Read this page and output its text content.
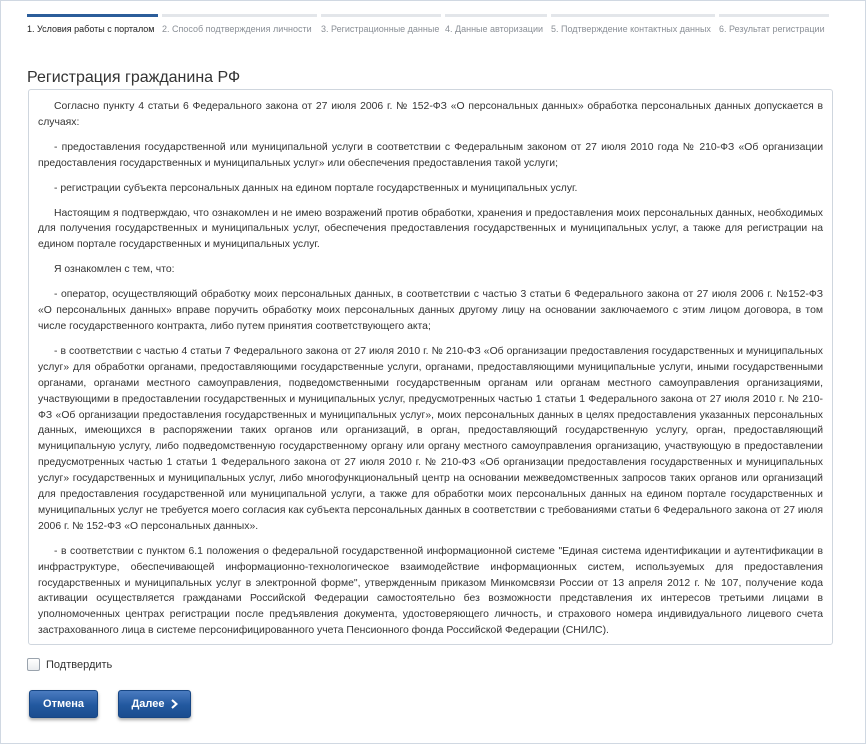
1. Условия работы с порталом 2. Способ подтверждения личности	3. Регистрационные данные 4. Данные авторизации 5. Подтверждение контактных данных 6. Результат регистрации
Регистрация гражданина РФ

Согласно пункту 4 статьи 6 Федерального закона от 27 июля 2006 г. № 152-ФЗ «О персональных данных» обработка персональных данных допускается в случаях:

- предоставления государственной или муниципальной услуги в соответствии с Федеральным законом от 27 июля 2010 года № 210-ФЗ «Об организации предоставления государственных и муниципальных услуг» или обеспечения предоставления такой услуги;

- регистрации субъекта персональных данных на едином портале государственных и муниципальных услуг.

Настоящим я подтверждаю, что ознакомлен и не имею возражений против обработки, хранения и предоставления моих персональных данных, необходимых для получения государственных и муниципальных услуг, обеспечения предоставления государственных и муниципальных услуг, а также для регистрации на едином портале государственных и муниципальных услуг.

Я ознакомлен с тем, что:

- оператор, осуществляющий обработку моих персональных данных, в соответствии с частью 3 статьи 6 Федерального закона от 27 июля 2006 г. №152-ФЗ «О персональных данных» вправе поручить обработку моих персональных данных другому лицу на основании заключаемого с этим лицом договора, в том числе государственного контракта, либо путем принятия соответствующего акта;

- в соответствии с частью 4 статьи 7 Федерального закона от 27 июля 2010 г. № 210-ФЗ «Об организации предоставления государственных и муниципальных услуг» для обработки органами, предоставляющими государственные услуги, органами, предоставляющими муниципальные услуги, иными государственными органами, органами местного самоуправления, подведомственными государственным органам или органам местного самоуправления организациями, участвующими в предоставлении государственных и муниципальных услуг, предусмотренных частью 1 статьи 1 Федерального закона от 27 июля 2010 г. № 210-ФЗ «Об организации предоставления государственных и муниципальных услуг», моих персональных данных в целях предоставления указанных персональных данных, имеющихся в распоряжении таких органов или организаций, в орган, предоставляющий государственную услугу, орган, предоставляющий муниципальную услугу, либо подведомственную государственному органу или органу местного самоуправления организацию, участвующую в предоставлении предусмотренных частью 1 статьи 1 Федерального закона от 27 июля 2010 г. № 210-ФЗ «Об организации предоставления государственных и муниципальных услуг» государственных и муниципальных услуг, либо многофункциональный центр на основании межведомственных запросов таких органов или организаций для предоставления государственной или муниципальной услуги, а также для обработки моих персональных данных на едином портале государственных и муниципальных услуг не требуется моего согласия как субъекта персональных данных в соответствии с требованиями статьи 6 Федерального закона от 27 июля 2006 г. № 152-ФЗ «О персональных данных».

- в соответствии с пунктом 6.1 положения о федеральной государственной информационной системе "Единая система идентификации и аутентификации в инфраструктуре, обеспечивающей информационно-технологическое взаимодействие информационных систем, используемых для предоставления государственных и муниципальных услуг в электронной форме", утвержденным приказом Минкомсвязи России от 13 апреля 2012 г. № 107, получение кода активации осуществляется гражданами Российской Федерации самостоятельно без возможности представления их интересов третьими лицами в уполномоченных центрах регистрации после предъявления документа, удостоверяющего личность, и страхового номера индивидуального лицевого счета застрахованного лица в системе персонифицированного учета Пенсионного фонда Российской Федерации (СНИЛС).

Подтвердить
Отмена	Далее
